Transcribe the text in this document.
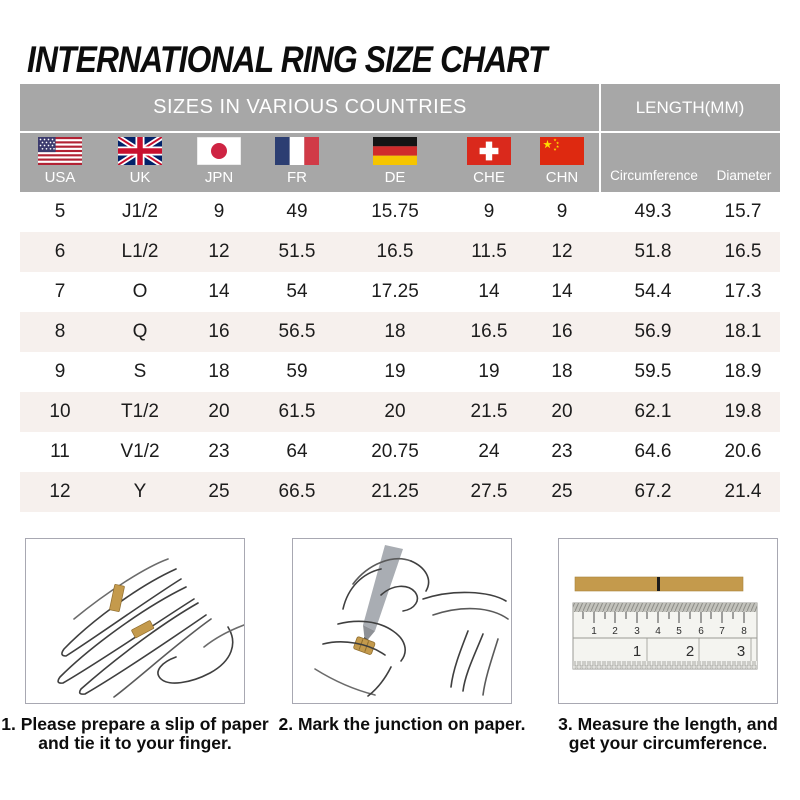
INTERNATIONAL RING SIZE CHART
SIZES IN VARIOUS COUNTRIES	LENGTH(MM)
USA	UK	JPN	FR	DE	CHE	CHN	Circumference	Diameter
5	J1/2	9	49	15.75	9	9	49.3	15.7
6	L1/2	12	51.5	16.5	11.5	12	51.8	16.5
7	O	14	54	17.25	14	14	54.4	17.3
8	Q	16	56.5	18	16.5	16	56.9	18.1
9	S	18	59	19	19	18	59.5	18.9
10	T1/2	20	61.5	20	21.5	20	62.1	19.8
11	V1/2	23	64	20.75	24	23	64.6	20.6
12	Y	25	66.5	21.25	27.5	25	67.2	21.4
1. Please prepare a slip of paper
and tie it to your finger.
2. Mark the junction on paper.
1 2 3 4 5 6 7 8
1	2	3
3. Measure the length, and
get your circumference.
